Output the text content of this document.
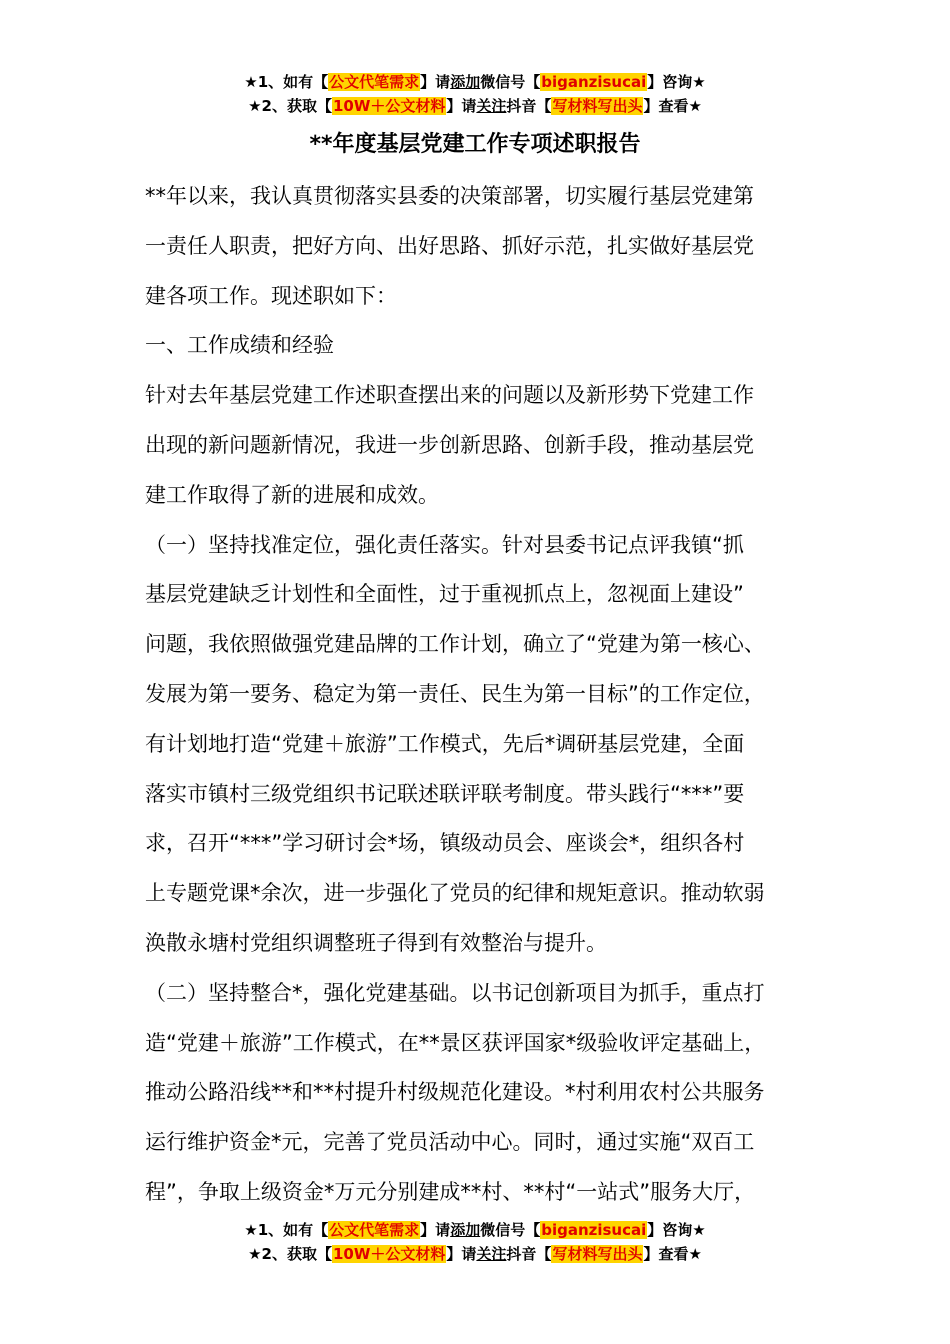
★1、如有【公文代笔需求】请添加微信号【biganzisucai】咨询★
★2、获取【10W＋公文材料】请关注抖音【写材料写出头】查看★
**年度基层党建工作专项述职报告
**年以来，我认真贯彻落实县委的决策部署，切实履行基层党建第
一责任人职责，把好方向、出好思路、抓好示范，扎实做好基层党
建各项工作。现述职如下：
一、工作成绩和经验
针对去年基层党建工作述职查摆出来的问题以及新形势下党建工作
出现的新问题新情况，我进一步创新思路、创新手段，推动基层党
建工作取得了新的进展和成效。
（一）坚持找准定位，强化责任落实。针对县委书记点评我镇“抓
基层党建缺乏计划性和全面性，过于重视抓点上，忽视面上建设”
问题，我依照做强党建品牌的工作计划，确立了“党建为第一核心、
发展为第一要务、稳定为第一责任、民生为第一目标”的工作定位，
有计划地打造“党建＋旅游”工作模式，先后*调研基层党建，全面
落实市镇村三级党组织书记联述联评联考制度。带头践行“***”要
求，召开“***”学习研讨会*场，镇级动员会、座谈会*，组织各村
上专题党课*余次，进一步强化了党员的纪律和规矩意识。推动软弱
涣散永塘村党组织调整班子得到有效整治与提升。
（二）坚持整合*，强化党建基础。以书记创新项目为抓手，重点打
造“党建＋旅游”工作模式，在**景区获评国家*级验收评定基础上，
推动公路沿线**和**村提升村级规范化建设。*村利用农村公共服务
运行维护资金*元，完善了党员活动中心。同时，通过实施“双百工
程”，争取上级资金*万元分别建成**村、**村“一站式”服务大厅，
★1、如有【公文代笔需求】请添加微信号【biganzisucai】咨询★
★2、获取【10W＋公文材料】请关注抖音【写材料写出头】查看★
